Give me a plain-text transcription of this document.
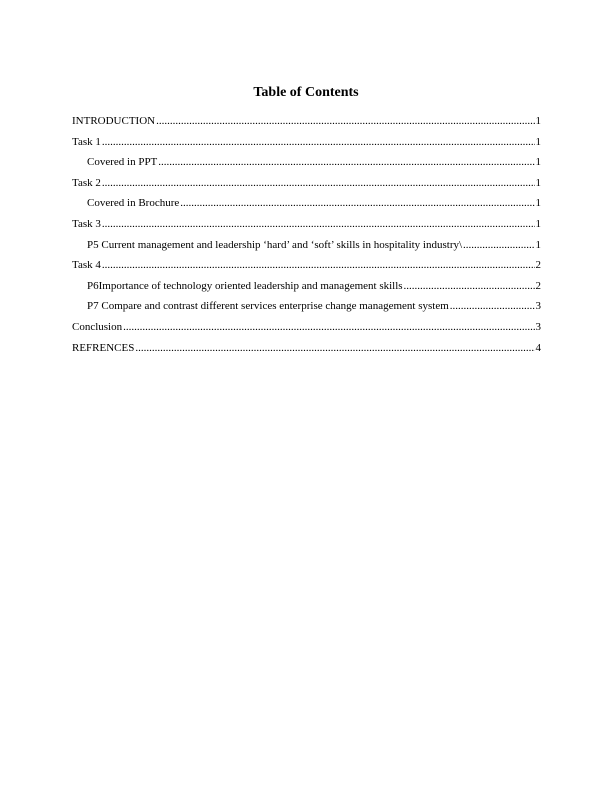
Table of Contents
INTRODUCTION .....	1
Task 1 .....	1
Covered in PPT .....	1
Task 2 .....	1
Covered in Brochure .....	1
Task 3 .....	1
P5 Current management and leadership ‘hard’ and ‘soft’ skills in hospitality industry\ .....	1
Task 4 .....	2
P6Importance of technology oriented leadership and management skills .....	2
P7 Compare and contrast different services enterprise change management system .....	3
Conclusion .....	3
REFRENCES .....	4
